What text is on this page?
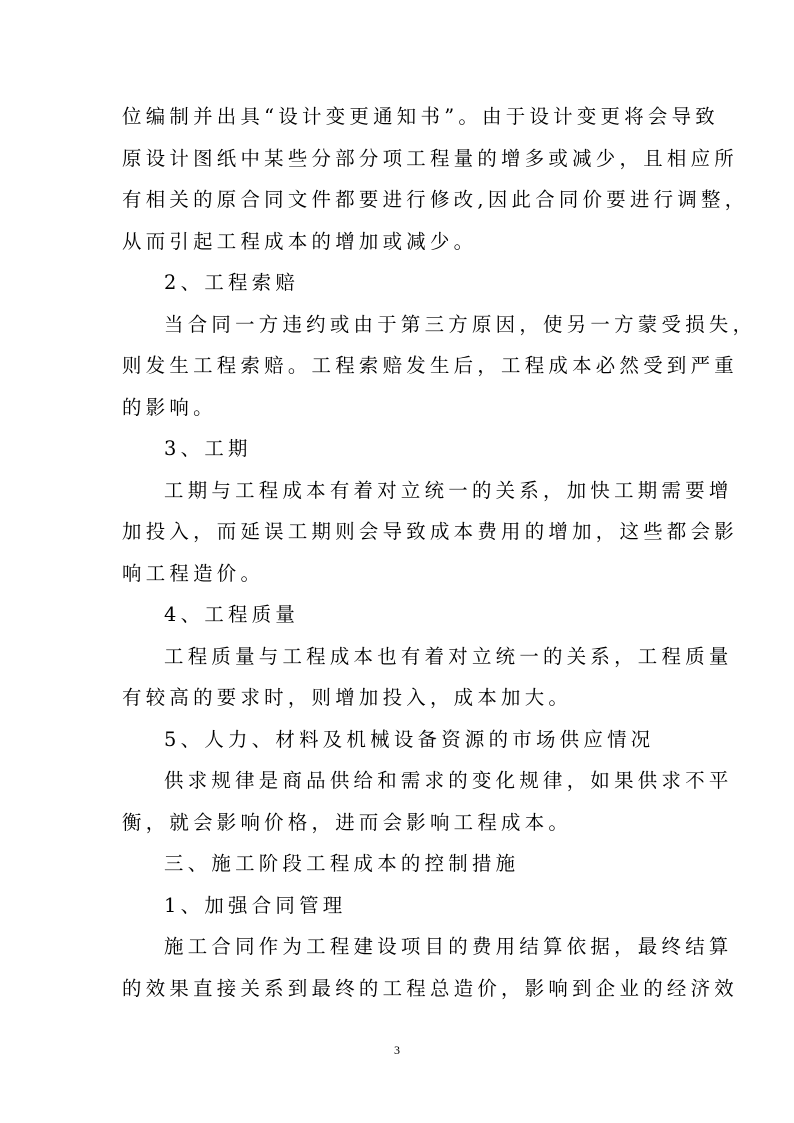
位编制并出具“设计变更通知书”。由于设计变更将会导致
原设计图纸中某些分部分项工程量的增多或减少，且相应所
有相关的原合同文件都要进行修改,因此合同价要进行调整，
从而引起工程成本的增加或减少。
2、工程索赔
当合同一方违约或由于第三方原因，使另一方蒙受损失，
则发生工程索赔。工程索赔发生后，工程成本必然受到严重
的影响。
3、工期
工期与工程成本有着对立统一的关系，加快工期需要增
加投入，而延误工期则会导致成本费用的增加，这些都会影
响工程造价。
4、工程质量
工程质量与工程成本也有着对立统一的关系，工程质量
有较高的要求时，则增加投入，成本加大。
5、人力、材料及机械设备资源的市场供应情况
供求规律是商品供给和需求的变化规律，如果供求不平
衡，就会影响价格，进而会影响工程成本。
三、施工阶段工程成本的控制措施
1、加强合同管理
施工合同作为工程建设项目的费用结算依据，最终结算
的效果直接关系到最终的工程总造价，影响到企业的经济效
3
